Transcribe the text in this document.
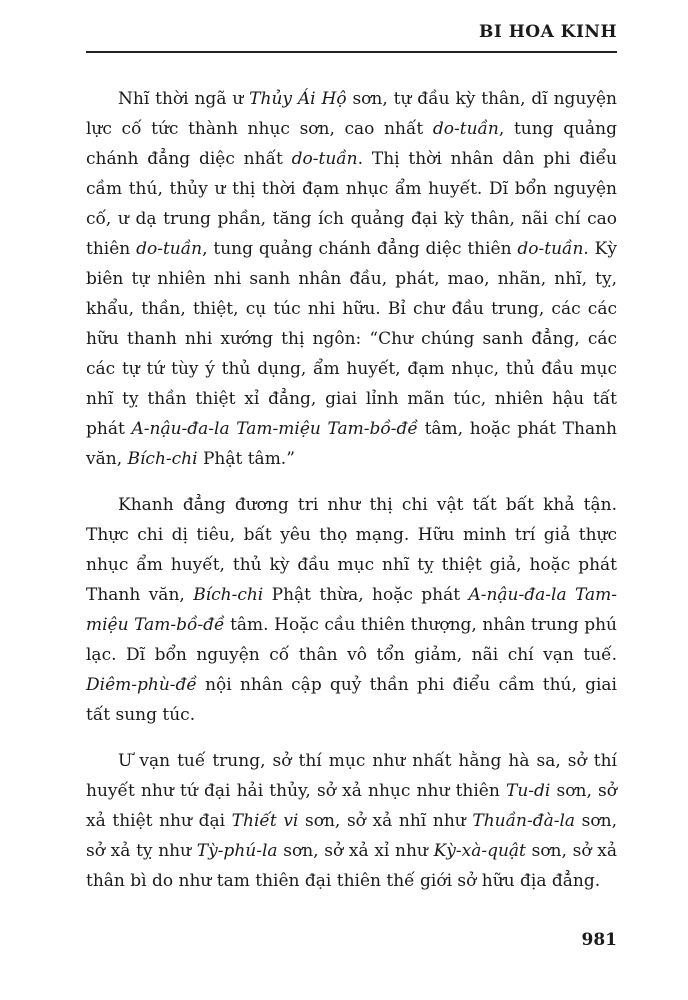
BI HOA KINH

Nhĩ thời ngã ư Thủy Ái Hộ sơn, tự đầu kỳ thân, dĩ nguyện lực cố tức thành nhục sơn, cao nhất do-tuần, tung quảng chánh đẳng diệc nhất do-tuần. Thị thời nhân dân phi điểu cầm thú, thủy ư thị thời đạm nhục ẩm huyết. Dĩ bổn nguyện cố, ư dạ trung phần, tăng ích quảng đại kỳ thân, nãi chí cao thiên do-tuần, tung quảng chánh đẳng diệc thiên do-tuần. Kỳ biên tự nhiên nhi sanh nhân đầu, phát, mao, nhãn, nhĩ, tỵ, khẩu, thần, thiệt, cụ túc nhi hữu. Bỉ chư đầu trung, các các hữu thanh nhi xướng thị ngôn: “Chư chúng sanh đẳng, các các tự tứ tùy ý thủ dụng, ẩm huyết, đạm nhục, thủ đầu mục nhĩ tỵ thần thiệt xỉ đẳng, giai lỉnh mãn túc, nhiên hậu tất phát A-nậu-đa-la Tam-miệu Tam-bồ-đề tâm, hoặc phát Thanh văn, Bích-chi Phật tâm.”

Khanh đẳng đương tri như thị chi vật tất bất khả tận. Thực chi dị tiêu, bất yêu thọ mạng. Hữu minh trí giả thực nhục ẩm huyết, thủ kỳ đầu mục nhĩ tỵ thiệt giả, hoặc phát Thanh văn, Bích-chi Phật thừa, hoặc phát A-nậu-đa-la Tam-miệu Tam-bồ-đề tâm. Hoặc cầu thiên thượng, nhân trung phú lạc. Dĩ bổn nguyện cố thân vô tổn giảm, nãi chí vạn tuế. Diêm-phù-đề nội nhân cập quỷ thần phi điểu cầm thú, giai tất sung túc.

Ư vạn tuế trung, sở thí mục như nhất hằng hà sa, sở thí huyết như tứ đại hải thủy, sở xả nhục như thiên Tu-di sơn, sở xả thiệt như đại Thiết vi sơn, sở xả nhĩ như Thuần-đà-la sơn, sở xả tỵ như Tỳ-phú-la sơn, sở xả xỉ như Kỳ-xà-quật sơn, sở xả thân bì do như tam thiên đại thiên thế giới sở hữu địa đẳng.

981
